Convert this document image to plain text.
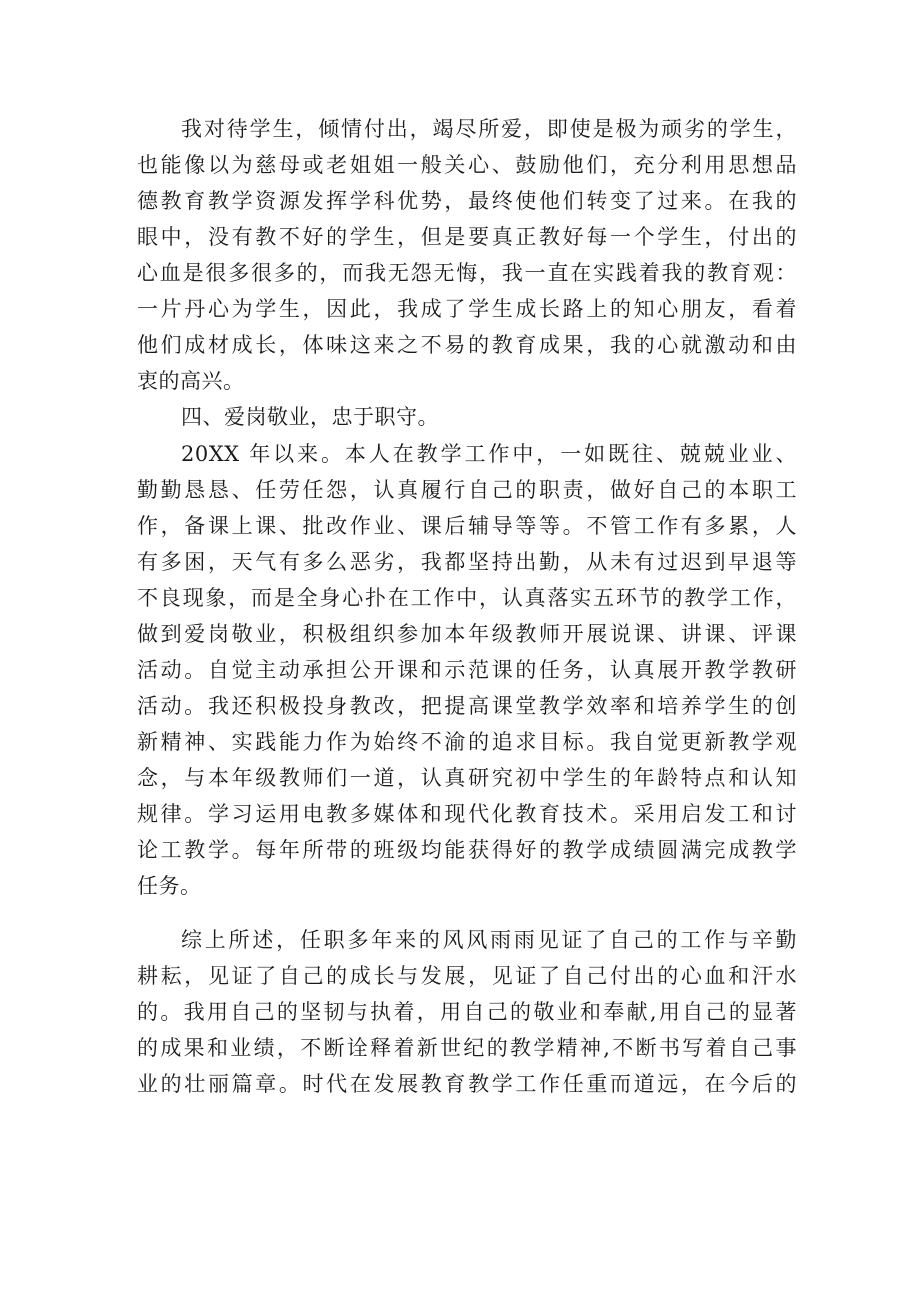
我对待学生，倾情付出，竭尽所爱，即使是极为顽劣的学生，
也能像以为慈母或老姐姐一般关心、鼓励他们，充分利用思想品
德教育教学资源发挥学科优势，最终使他们转变了过来。在我的
眼中，没有教不好的学生，但是要真正教好每一个学生，付出的
心血是很多很多的，而我无怨无悔，我一直在实践着我的教育观：
一片丹心为学生，因此，我成了学生成长路上的知心朋友，看着
他们成材成长，体味这来之不易的教育成果，我的心就激动和由
衷的高兴。

四、爱岗敬业，忠于职守。

20XX 年以来。本人在教学工作中，一如既往、兢兢业业、
勤勤恳恳、任劳任怨，认真履行自己的职责，做好自己的本职工
作，备课上课、批改作业、课后辅导等等。不管工作有多累，人
有多困，天气有多么恶劣，我都坚持出勤，从未有过迟到早退等
不良现象，而是全身心扑在工作中，认真落实五环节的教学工作，
做到爱岗敬业，积极组织参加本年级教师开展说课、讲课、评课
活动。自觉主动承担公开课和示范课的任务，认真展开教学教研
活动。我还积极投身教改，把提高课堂教学效率和培养学生的创
新精神、实践能力作为始终不渝的追求目标。我自觉更新教学观
念，与本年级教师们一道，认真研究初中学生的年龄特点和认知
规律。学习运用电教多媒体和现代化教育技术。采用启发工和讨
论工教学。每年所带的班级均能获得好的教学成绩圆满完成教学
任务。

综上所述，任职多年来的风风雨雨见证了自己的工作与辛勤
耕耘，见证了自己的成长与发展，见证了自己付出的心血和汗水
的。我用自己的坚韧与执着，用自己的敬业和奉献,用自己的显著
的成果和业绩，不断诠释着新世纪的教学精神,不断书写着自己事
业的壮丽篇章。时代在发展教育教学工作任重而道远，在今后的
